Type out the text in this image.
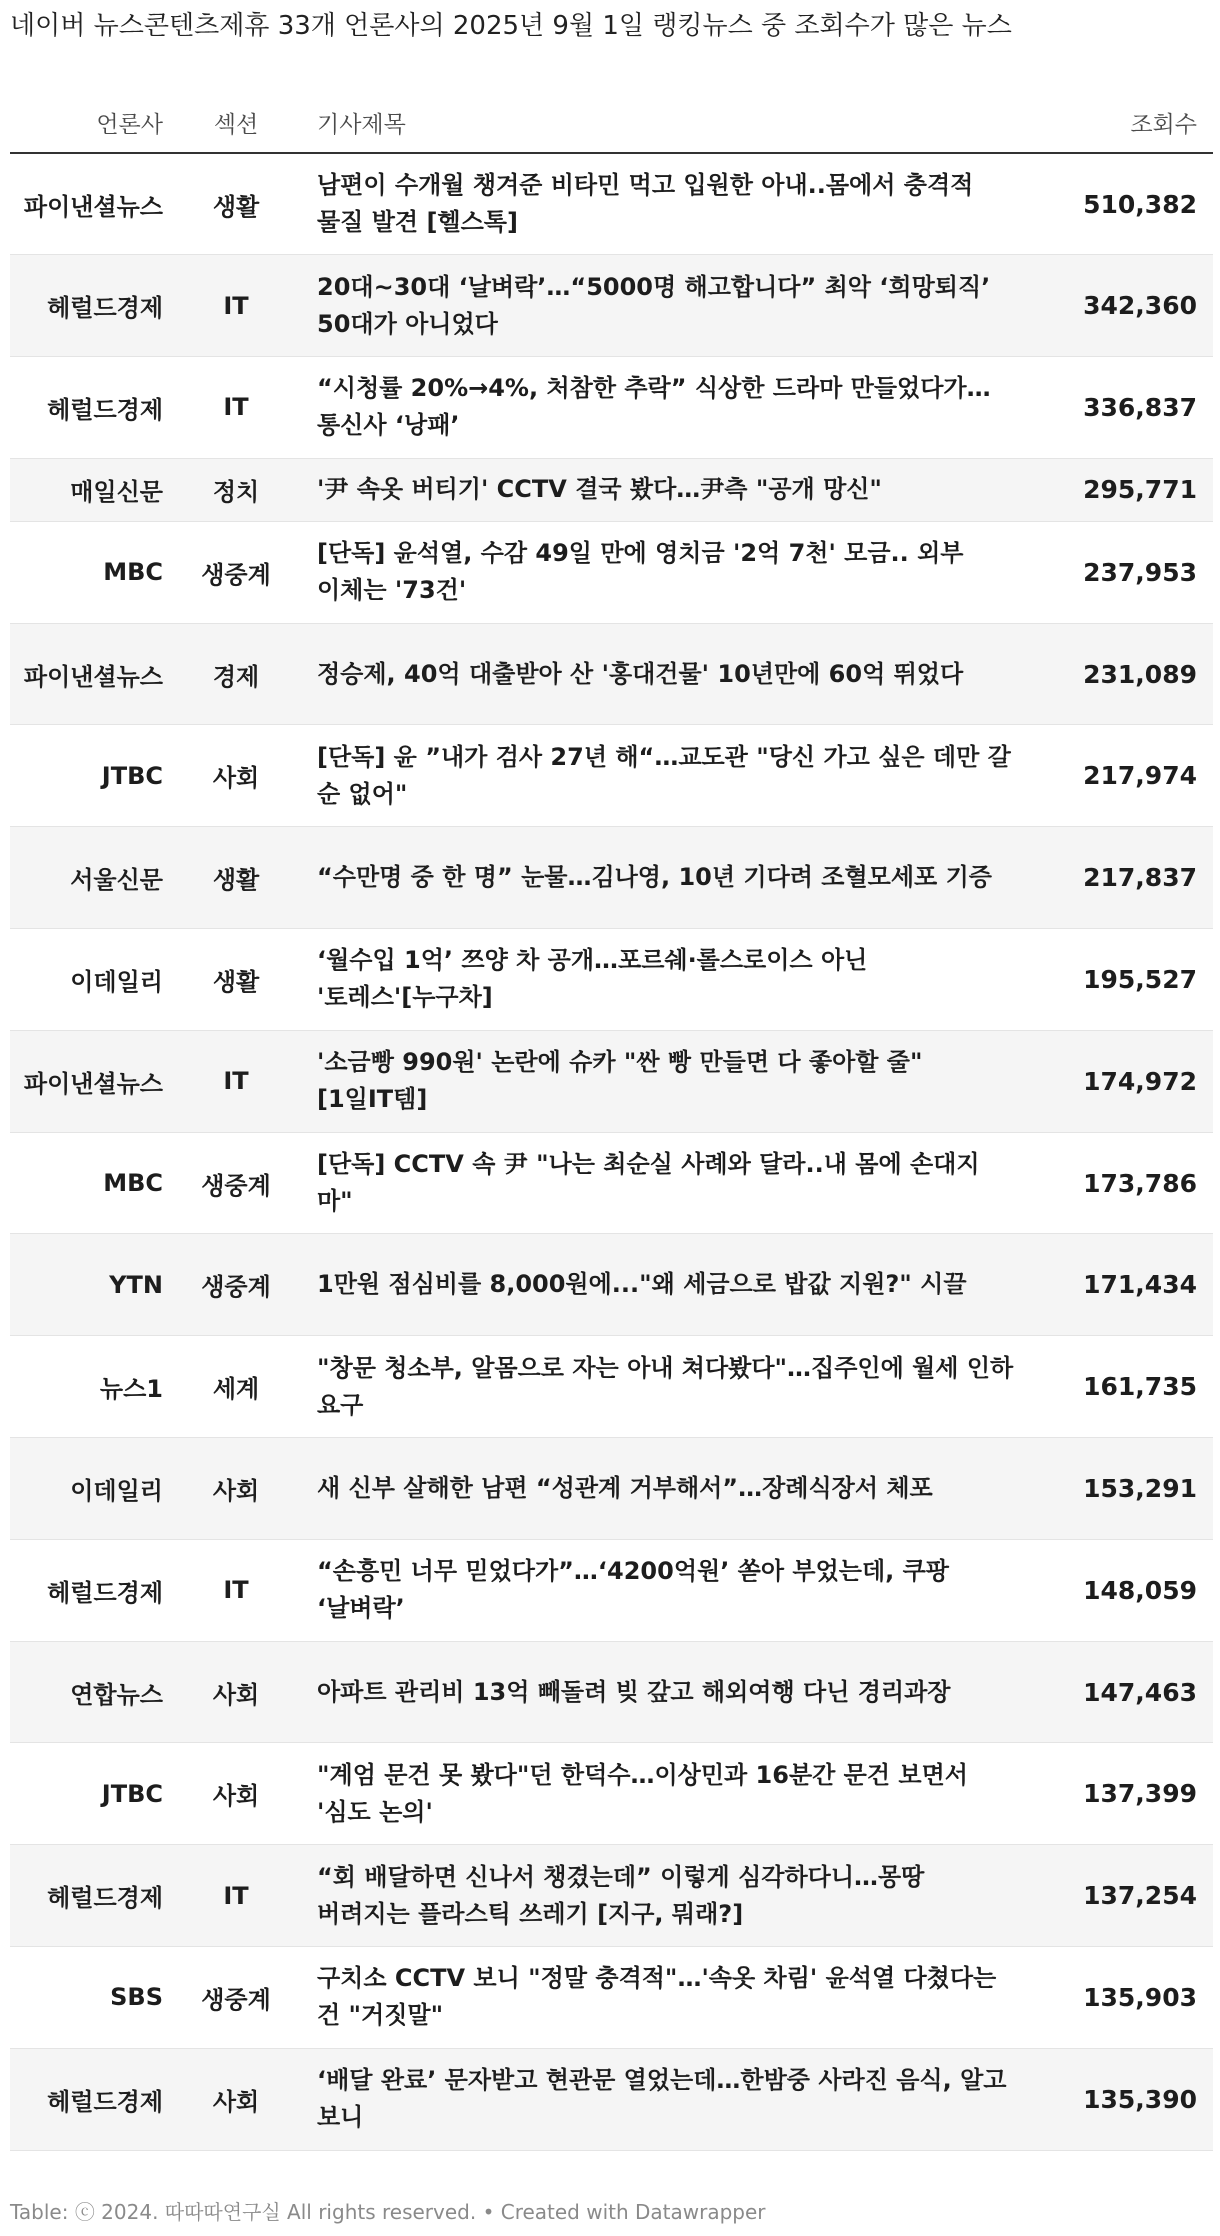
네이버 뉴스콘텐츠제휴 33개 언론사의 2025년 9월 1일 랭킹뉴스 중 조회수가 많은 뉴스
언론사	섹션	기사제목	조회수
파이낸셜뉴스	생활	남편이 수개월 챙겨준 비타민 먹고 입원한 아내..몸에서 충격적 물질 발견 [헬스톡]	510,382
헤럴드경제	IT	20대~30대 ‘날벼락’…“5000명 해고합니다” 최악 ‘희망퇴직’ 50대가 아니었다	342,360
헤럴드경제	IT	“시청률 20%→4%, 처참한 추락” 식상한 드라마 만들었다가…통신사 ‘낭패’	336,837
매일신문	정치	'尹 속옷 버티기' CCTV 결국 봤다…尹측 "공개 망신"	295,771
MBC	생중계	[단독] 윤석열, 수감 49일 만에 영치금 '2억 7천' 모금.. 외부 이체는 '73건'	237,953
파이낸셜뉴스	경제	정승제, 40억 대출받아 산 '홍대건물' 10년만에 60억 뛰었다	231,089
JTBC	사회	[단독] 윤 ”내가 검사 27년 해“…교도관 "당신 가고 싶은 데만 갈 순 없어"	217,974
서울신문	생활	“수만명 중 한 명” 눈물…김나영, 10년 기다려 조혈모세포 기증	217,837
이데일리	생활	‘월수입 1억’ 쯔양 차 공개…포르쉐·롤스로이스 아닌 '토레스'[누구차]	195,527
파이낸셜뉴스	IT	'소금빵 990원' 논란에 슈카 "싼 빵 만들면 다 좋아할 줄" [1일IT템]	174,972
MBC	생중계	[단독] CCTV 속 尹 "나는 최순실 사례와 달라..내 몸에 손대지 마"	173,786
YTN	생중계	1만원 점심비를 8,000원에..."왜 세금으로 밥값 지원?" 시끌	171,434
뉴스1	세계	"창문 청소부, 알몸으로 자는 아내 쳐다봤다"…집주인에 월세 인하 요구	161,735
이데일리	사회	새 신부 살해한 남편 “성관계 거부해서”…장례식장서 체포	153,291
헤럴드경제	IT	“손흥민 너무 믿었다가”…‘4200억원’ 쏟아 부었는데, 쿠팡 ‘날벼락’	148,059
연합뉴스	사회	아파트 관리비 13억 빼돌려 빚 갚고 해외여행 다닌 경리과장	147,463
JTBC	사회	"계엄 문건 못 봤다"던 한덕수…이상민과 16분간 문건 보면서 '심도 논의'	137,399
헤럴드경제	IT	“회 배달하면 신나서 챙겼는데” 이렇게 심각하다니…몽땅 버려지는 플라스틱 쓰레기 [지구, 뭐래?]	137,254
SBS	생중계	구치소 CCTV 보니 "정말 충격적"…'속옷 차림' 윤석열 다쳤다는 건 "거짓말"	135,903
헤럴드경제	사회	‘배달 완료’ 문자받고 현관문 열었는데…한밤중 사라진 음식, 알고 보니	135,390
Table: ⓒ 2024. 따따따연구실 All rights reserved. • Created with Datawrapper
